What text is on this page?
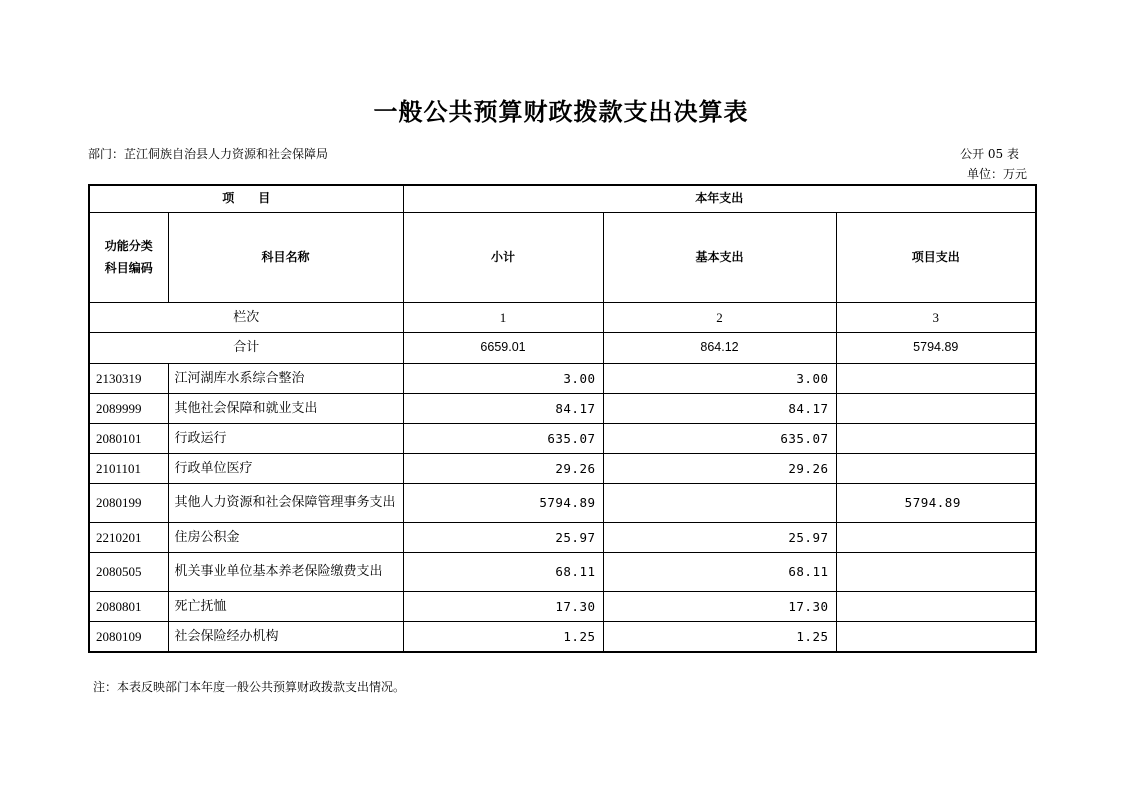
一般公共预算财政拨款支出决算表
部门：芷江侗族自治县人力资源和社会保障局	公开 05 表
单位：万元
项　　目		本年支出		
功能分类
科目编码	科目名称	小计	基本支出	项目支出
栏次		1	2	3
合计		6659.01	864.12	5794.89
2130319	江河湖库水系综合整治	3.00	3.00	
2089999	其他社会保障和就业支出	84.17	84.17	
2080101	行政运行	635.07	635.07	
2101101	行政单位医疗	29.26	29.26	
2080199	其他人力资源和社会保障管理事务支出	5794.89		5794.89
2210201	住房公积金	25.97	25.97	
2080505	机关事业单位基本养老保险缴费支出	68.11	68.11	
2080801	死亡抚恤	17.30	17.30	
2080109	社会保险经办机构	1.25	1.25	
注：本表反映部门本年度一般公共预算财政拨款支出情况。
